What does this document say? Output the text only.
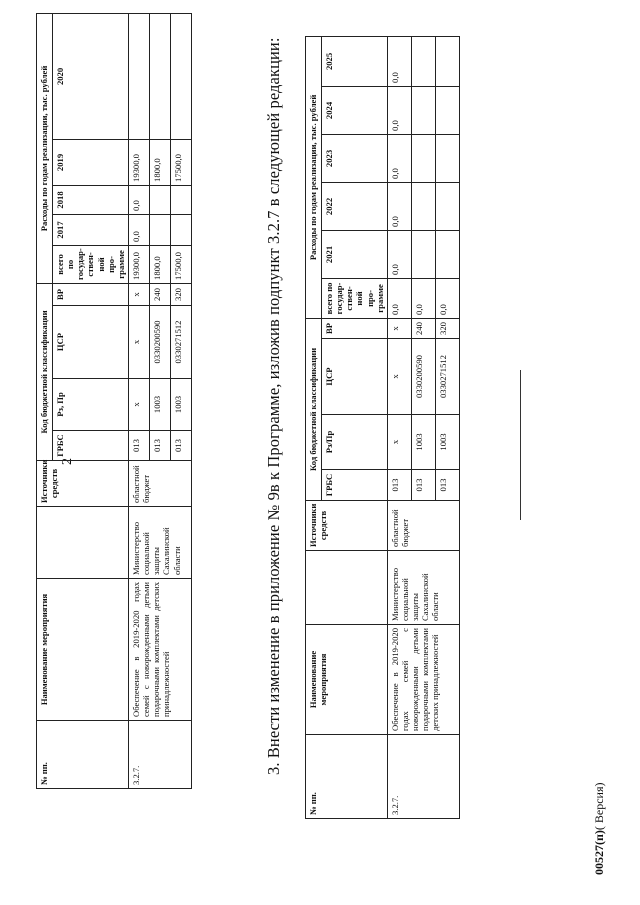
2
№ пп.	Наименование мероприятия		Источники средств	Код бюджетной классификации				Расходы по годам реализации, тыс. рублей				
				ГРБС	Рз, Пр	ЦСР	ВР	всего по госудap-ствен-ной про-грамме	2017	2018	2019	2020
3.2.7.	Обеспечение в 2019-2020 годах семей с новорожденными детьми подарочными комплектами детских принадлежностей	Министерство социальной защиты Сахалинской области	областной бюджет	013	х	х	х	19300,0	0,0	0,0	19300,0	
				013	1003	0330200590	240	1800,0			1800,0	
				013	1003	0330271512	320	17500,0			17500,0		3. Внести изменение в приложение № 9в к Программе, изложив подпункт 3.2.7 в следующей редакции:
№ пп.	Наименование мероприятия		Источники средств	Код бюджетной классификации				Расходы по годам реализации, тыс. рублей					
				ГРБС	Рз/Пр	ЦСР	ВР	всего по государ-ствен-ной про-грамме	2021	2022	2023	2024	2025
3.2.7.	Обеспечение в 2019-2020 годах семей с новорожденными детьми подарочными комплектами детских принадлежностей	Министерство социальной защиты Сахалинской области	областной бюджет	013	х	х	х	0,0	0,0	0,0	0,0	0,0	0,0
				013	1003	0330200590	240	0,0					
				013	1003	0330271512	320	0,0					
00527(п)( Версия)
